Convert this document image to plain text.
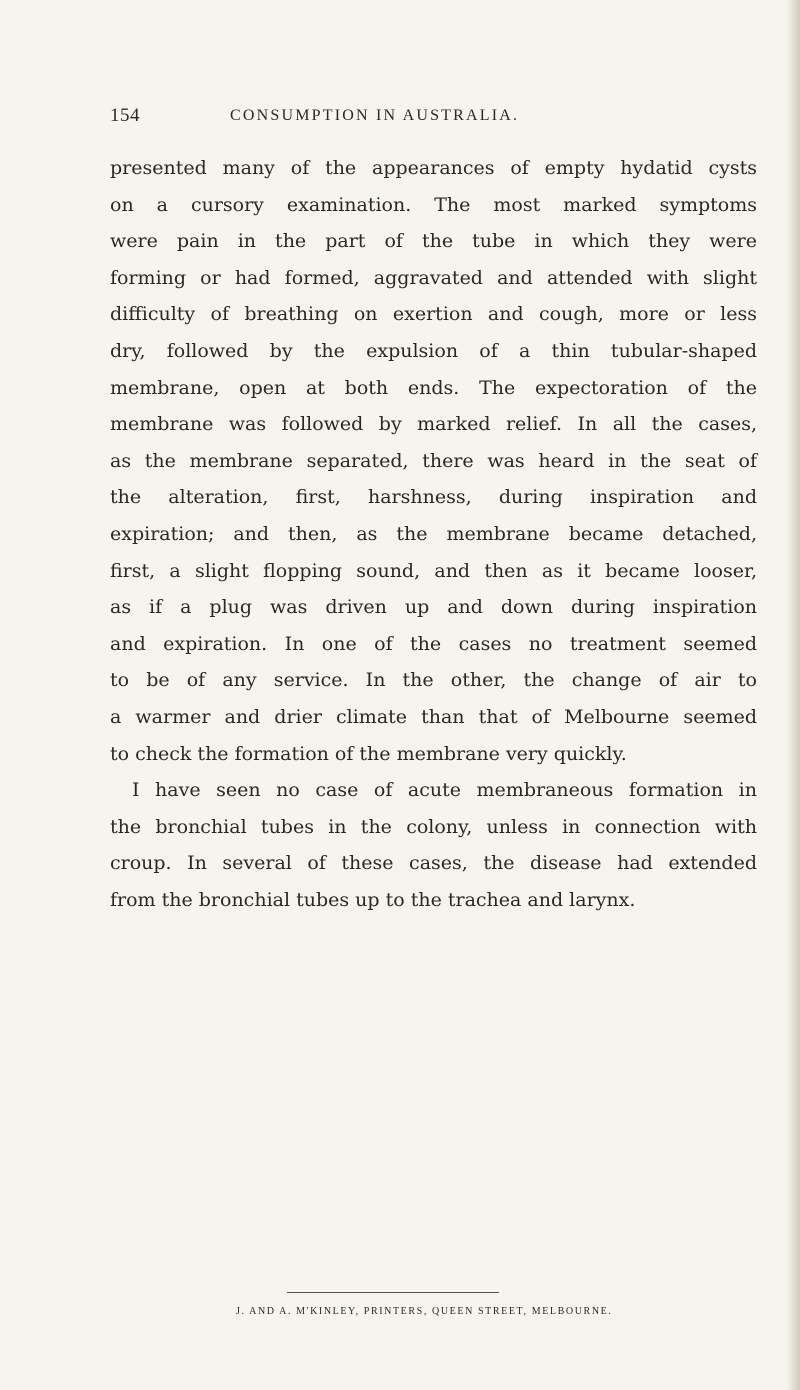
154	CONSUMPTION IN AUSTRALIA.
presented many of the appearances of empty hydatid cysts
on a cursory examination. The most marked symptoms
were pain in the part of the tube in which they were
forming or had formed, aggravated and attended with slight
difficulty of breathing on exertion and cough, more or less
dry, followed by the expulsion of a thin tubular-shaped
membrane, open at both ends. The expectoration of the
membrane was followed by marked relief. In all the cases,
as the membrane separated, there was heard in the seat of
the alteration, first, harshness, during inspiration and
expiration; and then, as the membrane became detached,
first, a slight flopping sound, and then as it became looser,
as if a plug was driven up and down during inspiration
and expiration. In one of the cases no treatment seemed
to be of any service. In the other, the change of air to
a warmer and drier climate than that of Melbourne seemed
to check the formation of the membrane very quickly.
I have seen no case of acute membraneous formation in
the bronchial tubes in the colony, unless in connection with
croup. In several of these cases, the disease had extended
from the bronchial tubes up to the trachea and larynx.
J. AND A. M'KINLEY, PRINTERS, QUEEN STREET, MELBOURNE.
